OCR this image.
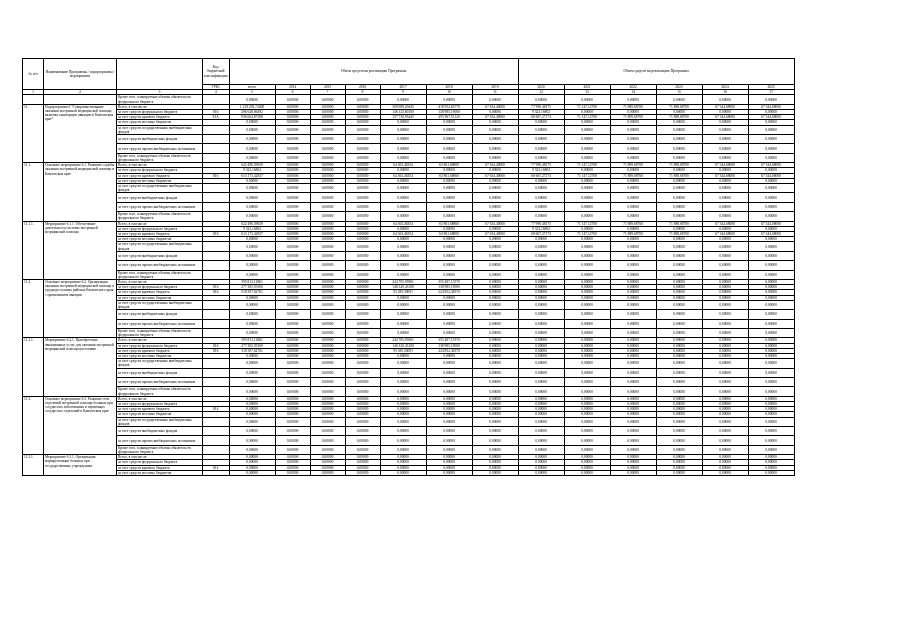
№ п/п	Наименование Программы / подпрограммы / мероприятия		Код бюджетной классификации	Объем средств на реализацию Программы							Объем средств на реализацию Программы					
			ГРБС	всего	2014	2015	2016	2017	2018	2019	2020	2021	2022	2023	2024	2025
1	2	3	4	5	6	7	8	9	10	11	12	13	14	15	16	17
		Кроме того, планируемые объемы обязательств федерального бюджета		0,00000	0,00000	0,00000	0,00000	0,00000	0,00000	0,00000	0,00000	0,00000	0,00000	0,00000	0,00000	0,00000
11.	Подпрограмма 6 "Совершенствование оказания экстренной медицинской помощи, включая санитарную авиацию в Камчатском крае"	Всего, в том числе:		1 218 292,72400	0,00000	0,00000	0,00000	309 089,20445	418 952,63770	67 634,40000	77 990,48175	71 147,12700	71 889,68700	71 888,68700	67 344,68000	67 344,68000
		за счет средств федерального бюджета	816	296 628,06492	0,00000	0,00000	0,00000	146 123,60100	138 985,19000	0,00000	9 323,16802	0,00000	0,00000	0,00000	0,00000	0,00000
		за счет средств краевого бюджета	81А	936 664,87388	0,00000	0,00000	0,00000	157 730,93445	293 967,51120	67 634,40000	68 667,27173	71 147,12700	71 889,68700	71 888,68700	67 344,68000	67 344,68000
		за счет средств местных бюджетов		0,00000	0,00000	0,00000	0,00000	0,00000	0,00000	0,00000	0,00000	0,00000	0,00000	0,00000	0,00000	0,00000
		за счет средств государственных внебюджетных фондов		0,00000	0,00000	0,00000	0,00000	0,00000	0,00000	0,00000	0,00000	0,00000	0,00000	0,00000	0,00000	0,00000
		за счет средств внебюджетных фондов		0,00000	0,00000	0,00000	0,00000	0,00000	0,00000	0,00000	0,00000	0,00000	0,00000	0,00000	0,00000	0,00000
		за счет средств прочих внебюджетных источников		0,00000	0,00000	0,00000	0,00000	0,00000	0,00000	0,00000	0,00000	0,00000	0,00000	0,00000	0,00000	0,00000
		Кроме того, планируемые объемы обязательств федерального бюджета		0,00000	0,00000	0,00000	0,00000	0,00000	0,00000	0,00000	0,00000	0,00000	0,00000	0,00000	0,00000	0,00000
11.1.	Основное мероприятие 6.1. Развитие службы оказания экстренной медицинской помощи в Камчатском крае	Всего, в том числе:		622 496,59639	0,00000	0,00000	0,00000	64 363,46354	63 861,68800	67 634,40000	77 990,48175	71 147,12700	71 889,68700	71 888,68700	67 344,68000	67 344,68000
		за счет средств федерального бюджета		9 323,16802	0,00000	0,00000	0,00000	0,00000	0,00000	0,00000	9 323,16802	0,00000	0,00000	0,00000	0,00000	0,00000
		за счет средств краевого бюджета	816	613 173,42837	0,00000	0,00000	0,00000	64 363,46354	63 861,68800	67 634,40000	68 667,27173	71 147,12700	71 889,68700	71 888,68700	67 344,68000	67 344,68000
		за счет средств местных бюджетов		0,00000	0,00000	0,00000	0,00000	0,00000	0,00000	0,00000	0,00000	0,00000	0,00000	0,00000	0,00000	0,00000
		за счет средств государственных внебюджетных фондов		0,00000	0,00000	0,00000	0,00000	0,00000	0,00000	0,00000	0,00000	0,00000	0,00000	0,00000	0,00000	0,00000
		за счет средств внебюджетных фондов		0,00000	0,00000	0,00000	0,00000	0,00000	0,00000	0,00000	0,00000	0,00000	0,00000	0,00000	0,00000	0,00000
		за счет средств прочих внебюджетных источников		0,00000	0,00000	0,00000	0,00000	0,00000	0,00000	0,00000	0,00000	0,00000	0,00000	0,00000	0,00000	0,00000
		Кроме того, планируемые объемы обязательств федерального бюджета		0,00000	0,00000	0,00000	0,00000	0,00000	0,00000	0,00000	0,00000	0,00000	0,00000	0,00000	0,00000	0,00000
11.1.1.	Мероприятие 6.1.1. Обеспечение деятельности системы экстренной медицинской помощи	Всего, в том числе:		622 496,59639	0,00000	0,00000	0,00000	64 363,46354	63 861,68800	67 634,40000	77 990,48175	71 147,12700	71 889,68700	71 888,68700	67 344,68000	67 344,68000
		за счет средств федерального бюджета		9 323,16802	0,00000	0,00000	0,00000	0,00000	0,00000	0,00000	9 323,16802	0,00000	0,00000	0,00000	0,00000	0,00000
		за счет средств краевого бюджета	816	613 173,42837	0,00000	0,00000	0,00000	64 363,46354	63 861,68800	67 634,40000	68 667,27173	71 147,12700	71 889,68700	71 888,68700	67 344,68000	67 344,68000
		за счет средств местных бюджетов		0,00000	0,00000	0,00000	0,00000	0,00000	0,00000	0,00000	0,00000	0,00000	0,00000	0,00000	0,00000	0,00000
		за счет средств государственных внебюджетных фондов		0,00000	0,00000	0,00000	0,00000	0,00000	0,00000	0,00000	0,00000	0,00000	0,00000	0,00000	0,00000	0,00000
		за счет средств внебюджетных фондов		0,00000	0,00000	0,00000	0,00000	0,00000	0,00000	0,00000	0,00000	0,00000	0,00000	0,00000	0,00000	0,00000
		за счет средств прочих внебюджетных источников		0,00000	0,00000	0,00000	0,00000	0,00000	0,00000	0,00000	0,00000	0,00000	0,00000	0,00000	0,00000	0,00000
		Кроме того, планируемые объемы обязательств федерального бюджета		0,00000	0,00000	0,00000	0,00000	0,00000	0,00000	0,00000	0,00000	0,00000	0,00000	0,00000	0,00000	0,00000
11.2.	Основное мероприятие 6.2. Организация оказания экстренной медицинской помощи в труднодоступных районах Камчатского края с применением авиации	Всего, в том числе:		595 813,12861	0,00000	0,00000	0,00000	244 705,93901	355 487,15570	0,00000	0,00000	0,00000	0,00000	0,00000	0,00000	0,00000
		за счет средств федерального бюджета	816	277 305,59100	0,00000	0,00000	0,00000	146 320,43100	138 985,19000	0,00000	0,00000	0,00000	0,00000	0,00000	0,00000	0,00000
		за счет средств краевого бюджета	816	318 507,62761	0,00000	0,00000	0,00000	93 385,50091	224 852,36570	0,00000	0,00000	0,00000	0,00000	0,00000	0,00000	0,00000
		за счет средств местных бюджетов		0,00000	0,00000	0,00000	0,00000	0,00000	0,00000	0,00000	0,00000	0,00000	0,00000	0,00000	0,00000	0,00000
		за счет средств государственных внебюджетных фондов		0,00000	0,00000	0,00000	0,00000	0,00000	0,00000	0,00000	0,00000	0,00000	0,00000	0,00000	0,00000	0,00000
		за счет средств внебюджетных фондов		0,00000	0,00000	0,00000	0,00000	0,00000	0,00000	0,00000	0,00000	0,00000	0,00000	0,00000	0,00000	0,00000
		за счет средств прочих внебюджетных источников		0,00000	0,00000	0,00000	0,00000	0,00000	0,00000	0,00000	0,00000	0,00000	0,00000	0,00000	0,00000	0,00000
		Кроме того, планируемые объемы обязательств федерального бюджета		0,00000	0,00000	0,00000	0,00000	0,00000	0,00000	0,00000	0,00000	0,00000	0,00000	0,00000	0,00000	0,00000
11.2.1.	Мероприятие 6.2.1. Приобретение авиационных услуг для оказания экстренной медицинской помощи населению	Всего, в том числе:		595 813,12861	0,00000	0,00000	0,00000	244 705,93901	355 487,15570	0,00000	0,00000	0,00000	0,00000	0,00000	0,00000	0,00000
		за счет средств федерального бюджета	816	277 305,59100	0,00000	0,00000	0,00000	146 320,43100	138 985,19000	0,00000	0,00000	0,00000	0,00000	0,00000	0,00000	0,00000
		за счет средств краевого бюджета	816	318 507,62761	0,00000	0,00000	0,00000	93 385,50091	224 852,36570	0,00000	0,00000	0,00000	0,00000	0,00000	0,00000	0,00000
		за счет средств местных бюджетов		0,00000	0,00000	0,00000	0,00000	0,00000	0,00000	0,00000	0,00000	0,00000	0,00000	0,00000	0,00000	0,00000
		за счет средств государственных внебюджетных фондов		0,00000	0,00000	0,00000	0,00000	0,00000	0,00000	0,00000	0,00000	0,00000	0,00000	0,00000	0,00000	0,00000
		за счет средств внебюджетных фондов		0,00000	0,00000	0,00000	0,00000	0,00000	0,00000	0,00000	0,00000	0,00000	0,00000	0,00000	0,00000	0,00000
		за счет средств прочих внебюджетных источников		0,00000	0,00000	0,00000	0,00000	0,00000	0,00000	0,00000	0,00000	0,00000	0,00000	0,00000	0,00000	0,00000
		Кроме того, планируемые объемы обязательств федерального бюджета		0,00000	0,00000	0,00000	0,00000	0,00000	0,00000	0,00000	0,00000	0,00000	0,00000	0,00000	0,00000	0,00000
11.3.	Основное мероприятие 6.3. Развитие сети отделений экстренной помощи больных при сосудистых заболеваниях и первичных сосудистых отделений в Камчатском крае	Всего, в том числе:		0,00000	0,00000	0,00000	0,00000	0,00000	0,00000	0,00000	0,00000	0,00000	0,00000	0,00000	0,00000	0,00000
		за счет средств федерального бюджета		0,00000	0,00000	0,00000	0,00000	0,00000	0,00000	0,00000	0,00000	0,00000	0,00000	0,00000	0,00000	0,00000
		за счет средств краевого бюджета	814	0,00000	0,00000	0,00000	0,00000	0,00000	0,00000	0,00000	0,00000	0,00000	0,00000	0,00000	0,00000	0,00000
		за счет средств местных бюджетов		0,00000	0,00000	0,00000	0,00000	0,00000	0,00000	0,00000	0,00000	0,00000	0,00000	0,00000	0,00000	0,00000
		за счет средств государственных внебюджетных фондов		0,00000	0,00000	0,00000	0,00000	0,00000	0,00000	0,00000	0,00000	0,00000	0,00000	0,00000	0,00000	0,00000
		за счет средств внебюджетных фондов		0,00000	0,00000	0,00000	0,00000	0,00000	0,00000	0,00000	0,00000	0,00000	0,00000	0,00000	0,00000	0,00000
		за счет средств прочих внебюджетных источников		0,00000	0,00000	0,00000	0,00000	0,00000	0,00000	0,00000	0,00000	0,00000	0,00000	0,00000	0,00000	0,00000
		Кроме того, планируемые объемы обязательств федерального бюджета		0,00000	0,00000	0,00000	0,00000	0,00000	0,00000	0,00000	0,00000	0,00000	0,00000	0,00000	0,00000	0,00000
11.3.1.	Мероприятие 6.3.1. Организация маршрутизации больных при государственных учреждениях	Всего, в том числе:		0,00000	0,00000	0,00000	0,00000	0,00000	0,00000	0,00000	0,00000	0,00000	0,00000	0,00000	0,00000	0,00000
		за счет средств федерального бюджета		0,00000	0,00000	0,00000	0,00000	0,00000	0,00000	0,00000	0,00000	0,00000	0,00000	0,00000	0,00000	0,00000
		за счет средств краевого бюджета	814	0,00000	0,00000	0,00000	0,00000	0,00000	0,00000	0,00000	0,00000	0,00000	0,00000	0,00000	0,00000	0,00000
		за счет средств местных бюджетов		0,00000	0,00000	0,00000	0,00000	0,00000	0,00000	0,00000	0,00000	0,00000	0,00000	0,00000	0,00000	0,00000
